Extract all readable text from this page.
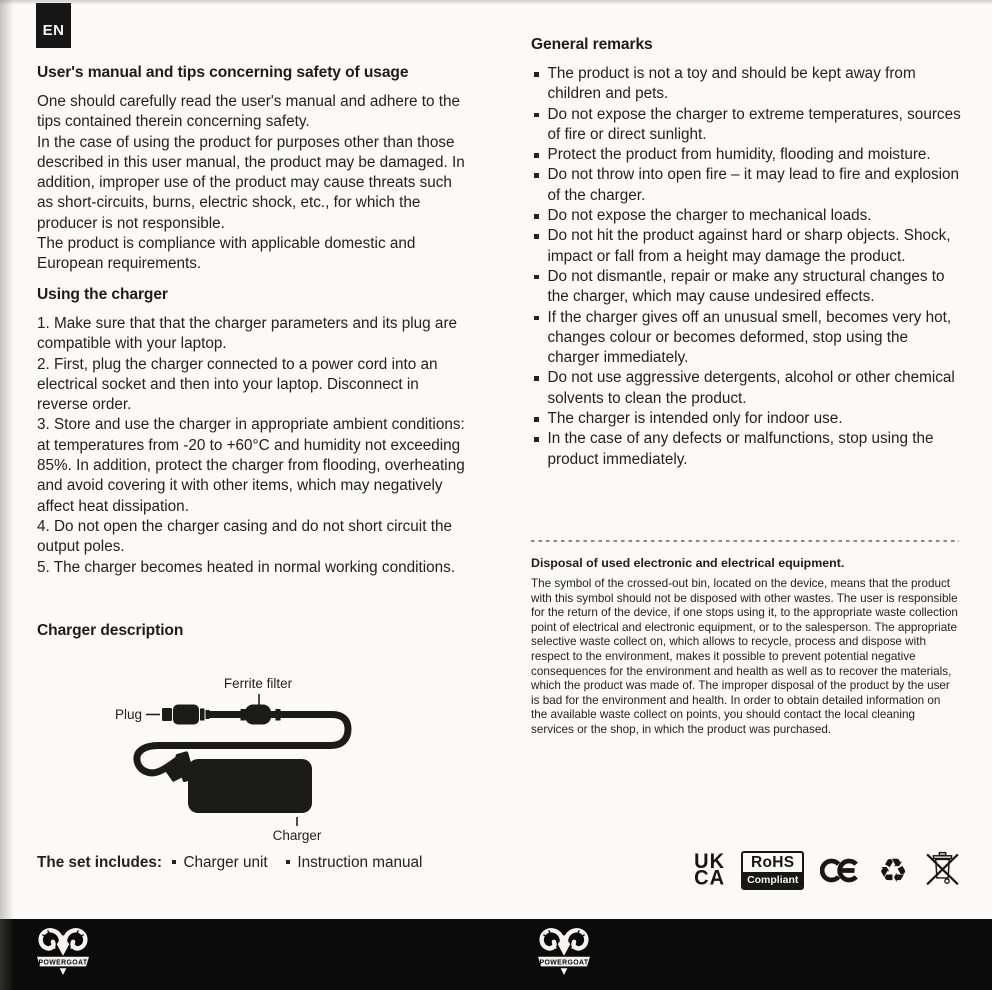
EN
User's manual and tips concerning safety of usage
One should carefully read the user's manual and adhere to the tips contained therein concerning safety.
In the case of using the product for purposes other than those described in this user manual, the product may be damaged. In addition, improper use of the product may cause threats such as short-circuits, burns, electric shock, etc., for which the producer is not responsible.
The product is compliance with applicable domestic and European requirements.
Using the charger
1. Make sure that that the charger parameters and its plug are compatible with your laptop.
2. First, plug the charger connected to a power cord into an electrical socket and then into your laptop. Disconnect in reverse order.
3. Store and use the charger in appropriate ambient conditions: at temperatures from -20 to +60°C and humidity not exceeding 85%. In addition, protect the charger from flooding, overheating and avoid covering it with other items, which may negatively affect heat dissipation.
4. Do not open the charger casing and do not short circuit the output poles.
5. The charger becomes heated in normal working conditions.
Charger description
Ferrite filter
Plug
Charger
The set includes: Charger unit
Instruction manual
General remarks
The product is not a toy and should be kept away from children and pets.
Do not expose the charger to extreme temperatures, sources of fire or direct sunlight.
Protect the product from humidity, flooding and moisture.
Do not throw into open fire – it may lead to fire and explosion of the charger.
Do not expose the charger to mechanical loads.
Do not hit the product against hard or sharp objects. Shock, impact or fall from a height may damage the product.
Do not dismantle, repair or make any structural changes to the charger, which may cause undesired effects.
If the charger gives off an unusual smell, becomes very hot, changes colour or becomes deformed, stop using the charger immediately.
Do not use aggressive detergents, alcohol or other chemical solvents to clean the product.
The charger is intended only for indoor use.
In the case of any defects or malfunctions, stop using the product immediately.
Disposal of used electronic and electrical equipment.
The symbol of the crossed-out bin, located on the device, means that the product with this symbol should not be disposed with other wastes. The user is responsible for the return of the device, if one stops using it, to the appropriate waste collection point of electrical and electronic equipment, or to the salesperson. The appropriate selective waste collect on, which allows to recycle, process and dispose with respect to the environment, makes it possible to prevent potential negative consequences for the environment and health as well as to recover the materials, which the product was made of. The improper disposal of the product by the user is bad for the environment and health. In order to obtain detailed information on the available waste collect on points, you should contact the local cleaning services or the shop, in which the product was purchased.
UK
CA
RoHS
Compliant ♻
POWERGOAT	POWERGOAT
